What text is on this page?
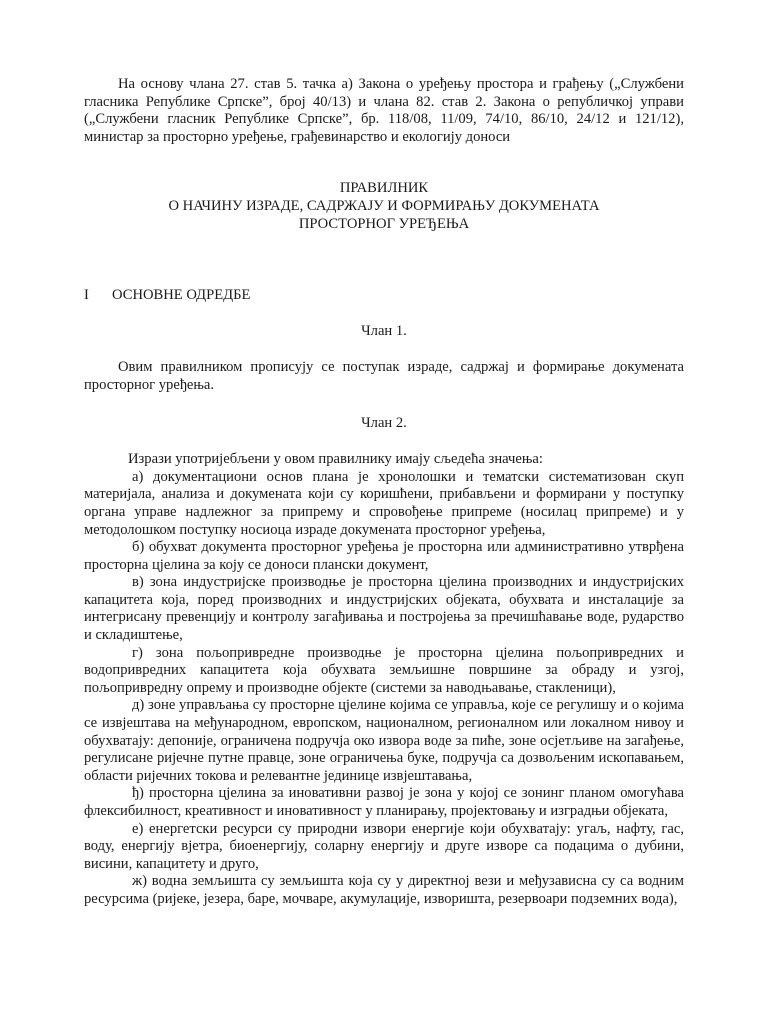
На основу члана 27. став 5. тачка а) Закона о уређењу простора и грађењу („Службени гласника Републике Српске”, број 40/13) и члана 82. став 2. Закона о републичкој управи („Службени гласник Републике Српске”, бр. 118/08, 11/09, 74/10, 86/10, 24/12 и 121/12), министар за просторно уређење, грађевинарство и екологију доноси

ПРАВИЛНИК
О НАЧИНУ ИЗРАДЕ, САДРЖАЈУ И ФОРМИРАЊУ ДОКУМЕНАТА
ПРОСТОРНОГ УРЕЂЕЊА
I	ОСНОВНЕ ОДРЕДБЕ
Члан 1.

Овим правилником прописују се поступак израде, садржај и формирање докумената просторног уређења.

Члан 2.

Изрази употријебљени у овом правилнику имају сљедећа значења:

а) документациони основ плана је хронолошки и тематски систематизован скуп материјала, анализа и докумената који су коришћени, прибављени и формирани у поступку органа управе надлежног за припрему и спровођење припреме (носилац припреме) и у методолошком поступку носиоца израде докумената просторног уређења,

б) обухват документа просторног уређења је просторна или административно утврђена просторна цјелина за коју се доноси плански документ,

в) зона индустријске производње је просторна цјелина производних и индустријских капацитета која, поред производних и индустријских објеката, обухвата и инсталације за интегрисану превенцију и контролу загађивања и постројења за пречишћавање воде, рударство и складиштење,

г) зона пољопривредне производње је просторна цјелина пољопривредних и водопривредних капацитета која обухвата земљишне површине за обраду и узгој, пољопривредну опрему и производне објекте (системи за наводњавање, стакленици),

д) зоне управљања су просторне цјелине којима се управља, које се регулишу и о којима се извјештава на међународном, европском, националном, регионалном или локалном нивоу и обухватају: депоније, ограничена подручја око извора воде за пиће, зоне осјетљиве на загађење, регулисане ријечне путне правце, зоне ограничења буке, подручја са дозвољеним ископавањем, области ријечних токова и релевантне јединице извјештавања,

ђ) просторна цјелина за иновативни развој је зона у којој се зонинг планом омогућава флексибилност, креативност и иновативност у планирању, пројектовању и изградњи објеката,

е) енергетски ресурси су природни извори енергије који обухватају: угаљ, нафту, гас, воду, енергију вјетра, биоенергију, соларну енергију и друге изворе са подацима о дубини, висини, капацитету и друго,

ж) водна земљишта су земљишта која су у директној вези и међузависна су са водним ресурсима (ријеке, језера, баре, мочваре, акумулације, изворишта, резервоари подземних вода),
